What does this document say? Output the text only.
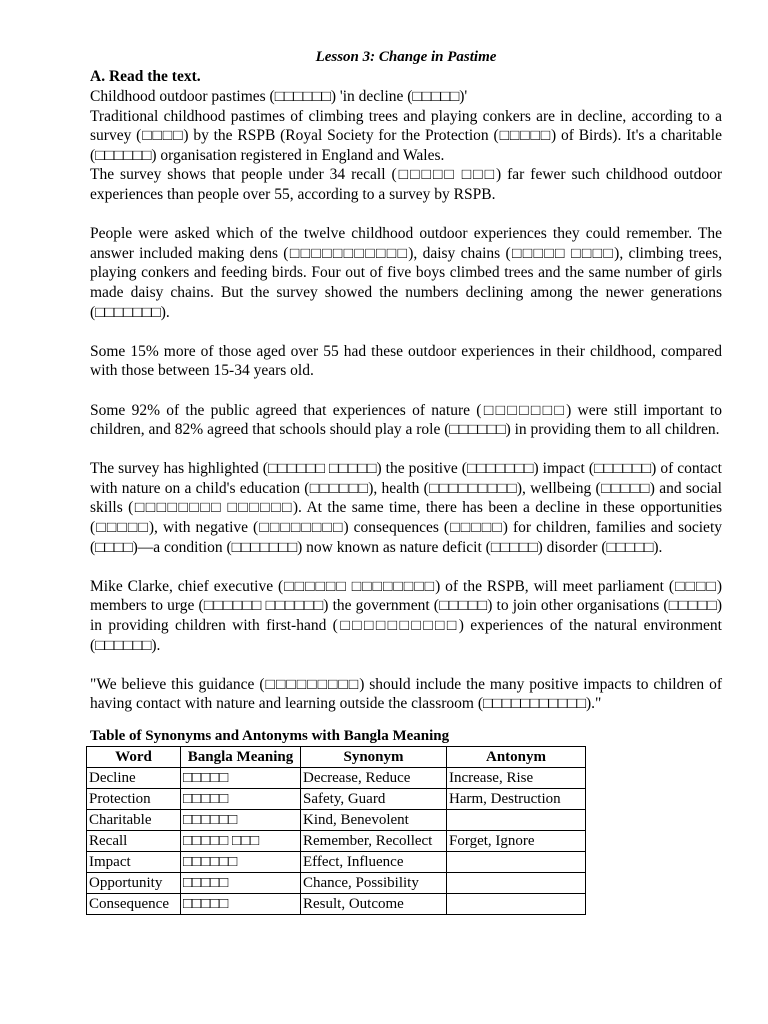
Lesson 3: Change in Pastime

A. Read the text.

Childhood outdoor pastimes (□□□□□□) 'in decline (□□□□□)'

Traditional childhood pastimes of climbing trees and playing conkers are in decline, according to a survey (□□□□) by the RSPB (Royal Society for the Protection (□□□□□) of Birds). It's a charitable (□□□□□□) organisation registered in England and Wales.

The survey shows that people under 34 recall (□□□□□ □□□) far fewer such childhood outdoor experiences than people over 55, according to a survey by RSPB.

People were asked which of the twelve childhood outdoor experiences they could remember. The answer included making dens (□□□□□□□□□□□), daisy chains (□□□□□ □□□□), climbing trees, playing conkers and feeding birds. Four out of five boys climbed trees and the same number of girls made daisy chains. But the survey showed the numbers declining among the newer generations (□□□□□□□).

Some 15% more of those aged over 55 had these outdoor experiences in their childhood, compared with those between 15-34 years old.

Some 92% of the public agreed that experiences of nature (□□□□□□□) were still important to children, and 82% agreed that schools should play a role (□□□□□□) in providing them to all children.

The survey has highlighted (□□□□□□ □□□□□) the positive (□□□□□□□) impact (□□□□□□) of contact with nature on a child's education (□□□□□□), health (□□□□□□□□□), wellbeing (□□□□□) and social skills (□□□□□□□□ □□□□□□). At the same time, there has been a decline in these opportunities (□□□□□), with negative (□□□□□□□□) consequences (□□□□□) for children, families and society (□□□□)—a condition (□□□□□□□) now known as nature deficit (□□□□□) disorder (□□□□□).

Mike Clarke, chief executive (□□□□□□ □□□□□□□□) of the RSPB, will meet parliament (□□□□) members to urge (□□□□□□ □□□□□□) the government (□□□□□) to join other organisations (□□□□□) in providing children with first-hand (□□□□□□□□□□) experiences of the natural environment (□□□□□□).

"We believe this guidance (□□□□□□□□□) should include the many positive impacts to children of having contact with nature and learning outside the classroom (□□□□□□□□□□□)."

Table of Synonyms and Antonyms with Bangla Meaning

Word	Bangla Meaning	Synonym	Antonym
Decline	□□□□□	Decrease, Reduce	Increase, Rise
Protection	□□□□□	Safety, Guard	Harm, Destruction
Charitable	□□□□□□	Kind, Benevolent	
Recall	□□□□□ □□□	Remember, Recollect	Forget, Ignore
Impact	□□□□□□	Effect, Influence	
Opportunity	□□□□□	Chance, Possibility	
Consequence	□□□□□	Result, Outcome	
